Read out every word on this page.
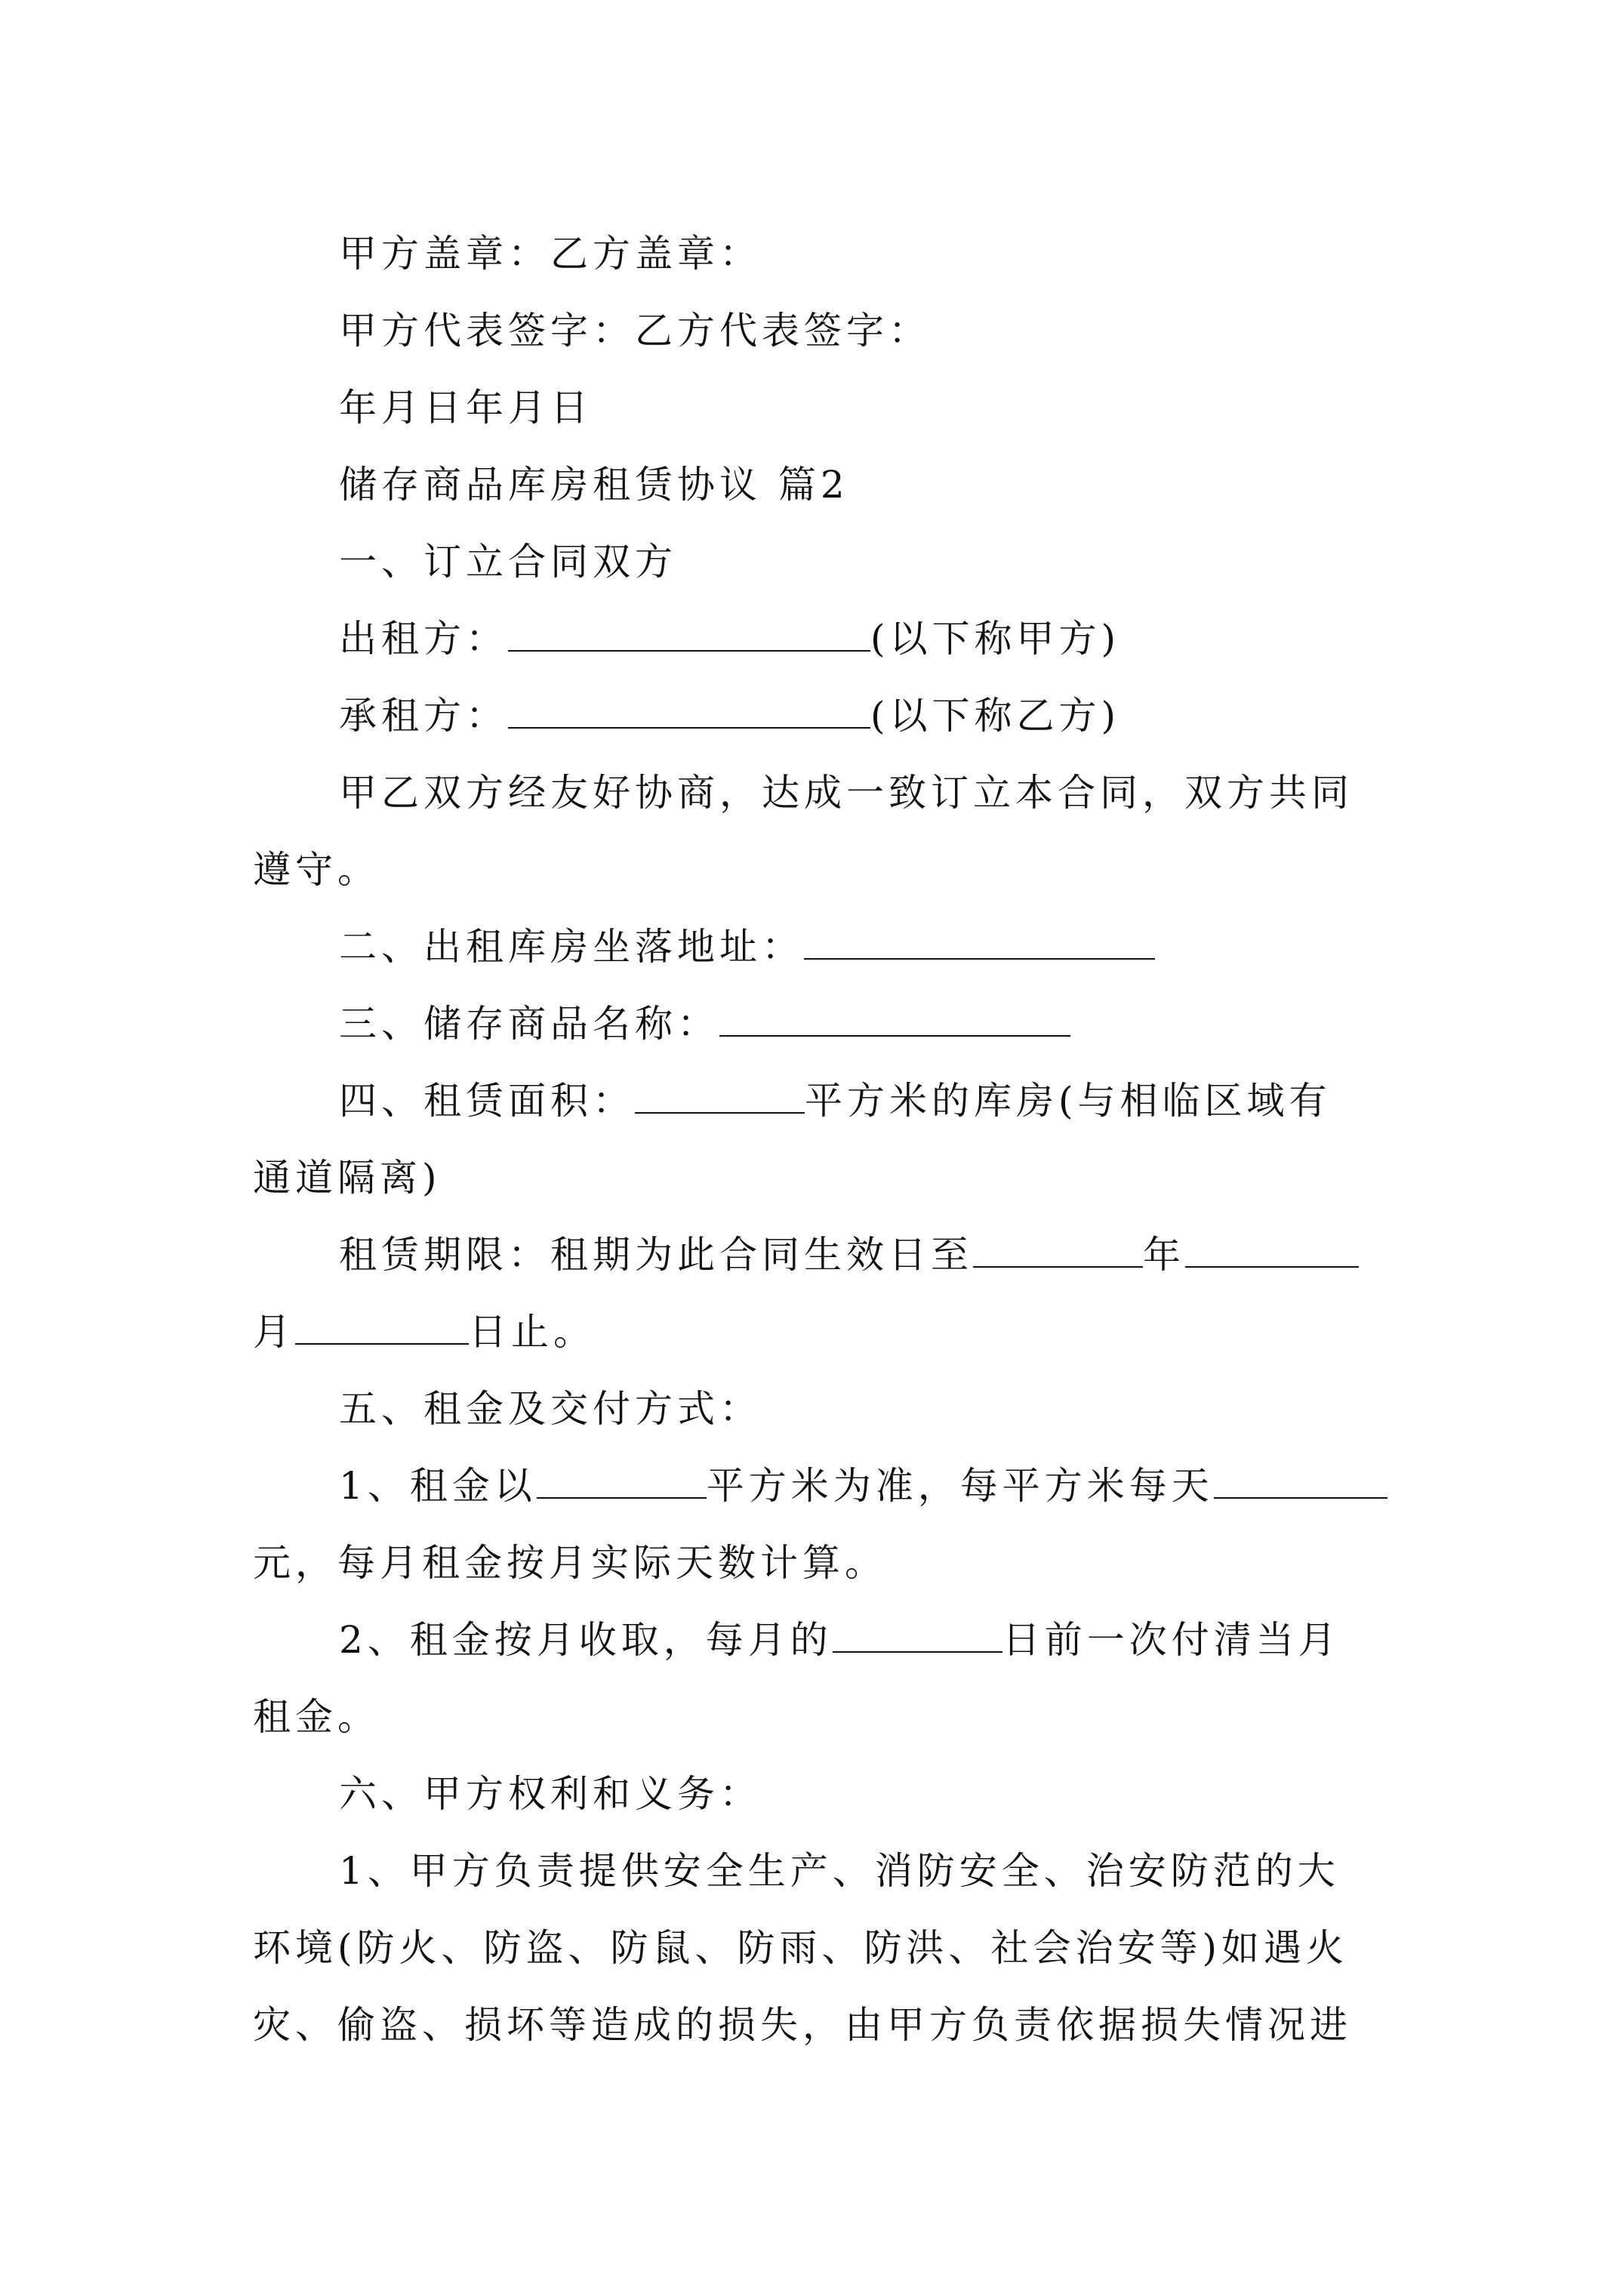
甲方盖章：乙方盖章：
甲方代表签字：乙方代表签字：
年月日年月日
储存商品库房租赁协议 篇2
一、订立合同双方
出租方：	(以下称甲方)
承租方：	(以下称乙方)
甲乙双方经友好协商，达成一致订立本合同，双方共同
遵守。
二、出租库房坐落地址：
三、储存商品名称：
四、租赁面积：	平方米的库房(与相临区域有
通道隔离)
租赁期限：租期为此合同生效日至	年
月	日止。
五、租金及交付方式：
1、租金以	平方米为准，每平方米每天
元，每月租金按月实际天数计算。
2、租金按月收取，每月的	日前一次付清当月
租金。
六、甲方权利和义务：
1、甲方负责提供安全生产、消防安全、治安防范的大
环境(防火、防盗、防鼠、防雨、防洪、社会治安等)如遇火
灾、偷盗、损坏等造成的损失，由甲方负责依据损失情况进
